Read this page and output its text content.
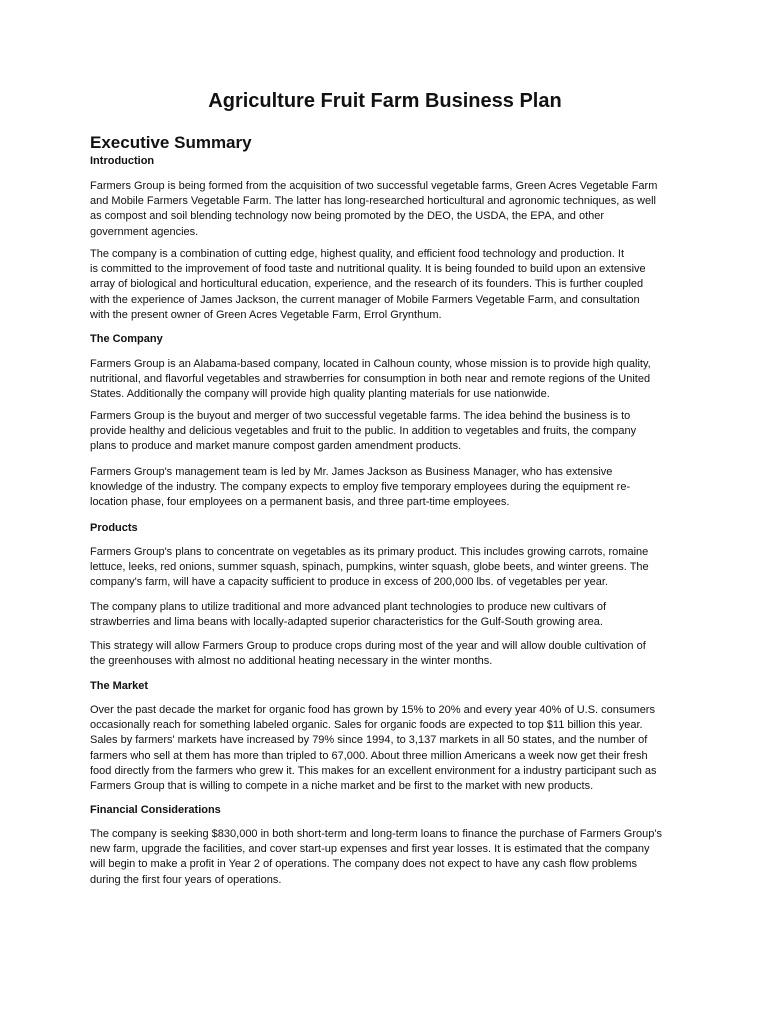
Agriculture Fruit Farm Business Plan
Executive Summary
Introduction
Farmers Group is being formed from the acquisition of two successful vegetable farms, Green Acres Vegetable Farm
and Mobile Farmers Vegetable Farm. The latter has long-researched horticultural and agronomic techniques, as well
as compost and soil blending technology now being promoted by the DEO, the USDA, the EPA, and other
government agencies.
The company is a combination of cutting edge, highest quality, and efficient food technology and production. It
is committed to the improvement of food taste and nutritional quality. It is being founded to build upon an extensive
array of biological and horticultural education, experience, and the research of its founders. This is further coupled
with the experience of James Jackson, the current manager of Mobile Farmers Vegetable Farm, and consultation
with the present owner of Green Acres Vegetable Farm, Errol Grynthum.
The Company
Farmers Group is an Alabama-based company, located in Calhoun county, whose mission is to provide high quality,
nutritional, and flavorful vegetables and strawberries for consumption in both near and remote regions of the United
States. Additionally the company will provide high quality planting materials for use nationwide.
Farmers Group is the buyout and merger of two successful vegetable farms. The idea behind the business is to
provide healthy and delicious vegetables and fruit to the public. In addition to vegetables and fruits, the company
plans to produce and market manure compost garden amendment products.
Farmers Group's management team is led by Mr. James Jackson as Business Manager, who has extensive
knowledge of the industry. The company expects to employ five temporary employees during the equipment re-
location phase, four employees on a permanent basis, and three part-time employees.
Products
Farmers Group's plans to concentrate on vegetables as its primary product. This includes growing carrots, romaine
lettuce, leeks, red onions, summer squash, spinach, pumpkins, winter squash, globe beets, and winter greens. The
company's farm, will have a capacity sufficient to produce in excess of 200,000 lbs. of vegetables per year.
The company plans to utilize traditional and more advanced plant technologies to produce new cultivars of
strawberries and lima beans with locally-adapted superior characteristics for the Gulf-South growing area.
This strategy will allow Farmers Group to produce crops during most of the year and will allow double cultivation of
the greenhouses with almost no additional heating necessary in the winter months.
The Market
Over the past decade the market for organic food has grown by 15% to 20% and every year 40% of U.S. consumers
occasionally reach for something labeled organic. Sales for organic foods are expected to top $11 billion this year.
Sales by farmers' markets have increased by 79% since 1994, to 3,137 markets in all 50 states, and the number of
farmers who sell at them has more than tripled to 67,000. About three million Americans a week now get their fresh
food directly from the farmers who grew it. This makes for an excellent environment for a industry participant such as
Farmers Group that is willing to compete in a niche market and be first to the market with new products.
Financial Considerations
The company is seeking $830,000 in both short-term and long-term loans to finance the purchase of Farmers Group's
new farm, upgrade the facilities, and cover start-up expenses and first year losses. It is estimated that the company
will begin to make a profit in Year 2 of operations. The company does not expect to have any cash flow problems
during the first four years of operations.
